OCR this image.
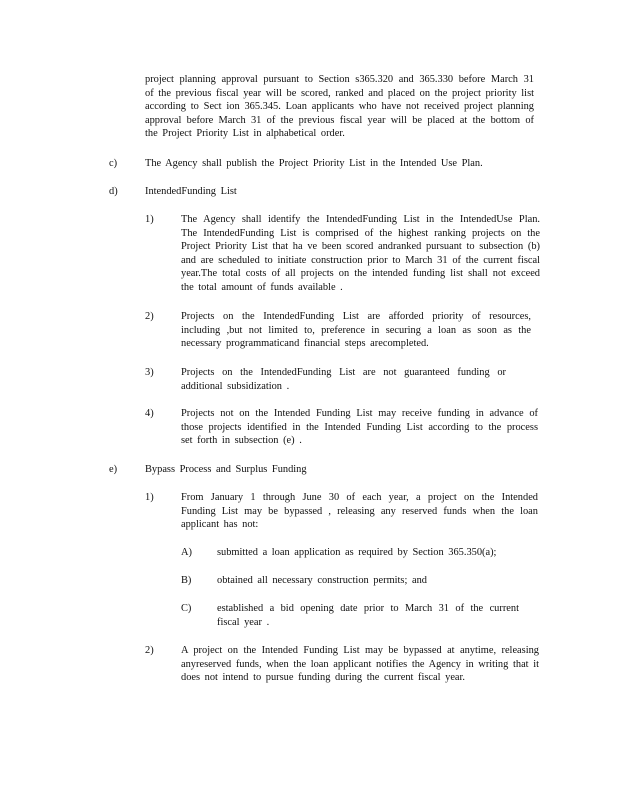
project planning approval pursuant to Section s365.320 and 365.330 before March 31 of the previous fiscal year will be scored, ranked and placed on the project priority list according to Sect ion 365.345. Loan applicants who have not received project planning approval before March 31 of the previous fiscal year will be placed at the bottom of the Project Priority List in alphabetical order.
c)	The Agency shall publish the Project Priority List in the Intended Use Plan.
d)	IntendedFunding List
1)	The Agency shall identify the IntendedFunding List in the IntendedUse Plan. The IntendedFunding List is comprised of the highest ranking projects on the Project Priority List that ha ve been scored andranked pursuant to subsection (b) and are scheduled to initiate construction prior to March 31 of the current fiscal year.The total costs of all projects on the intended funding list shall not exceed the total amount of funds available .
2)	Projects on the IntendedFunding List are afforded priority of resources, including ,but not limited to, preference in securing a loan as soon as the necessary programmaticand financial steps arecompleted.
3)	Projects on the IntendedFunding List are not guaranteed funding or additional subsidization .
4)	Projects not on the Intended Funding List may receive funding in advance of those projects identified in the Intended Funding List according to the process set forth in subsection (e) .
e)	Bypass Process and Surplus Funding
1)	From January 1 through June 30 of each year, a project on the Intended Funding List may be bypassed , releasing any reserved funds when the loan applicant has not:
A) submitted a loan application as required by Section 365.350(a);
B) obtained all necessary construction permits; and
C) established a bid opening date prior to March 31 of the current fiscal year .
2)	A project on the Intended Funding List may be bypassed at anytime, releasing anyreserved funds, when the loan applicant notifies the Agency in writing that it does not intend to pursue funding during the current fiscal year.
